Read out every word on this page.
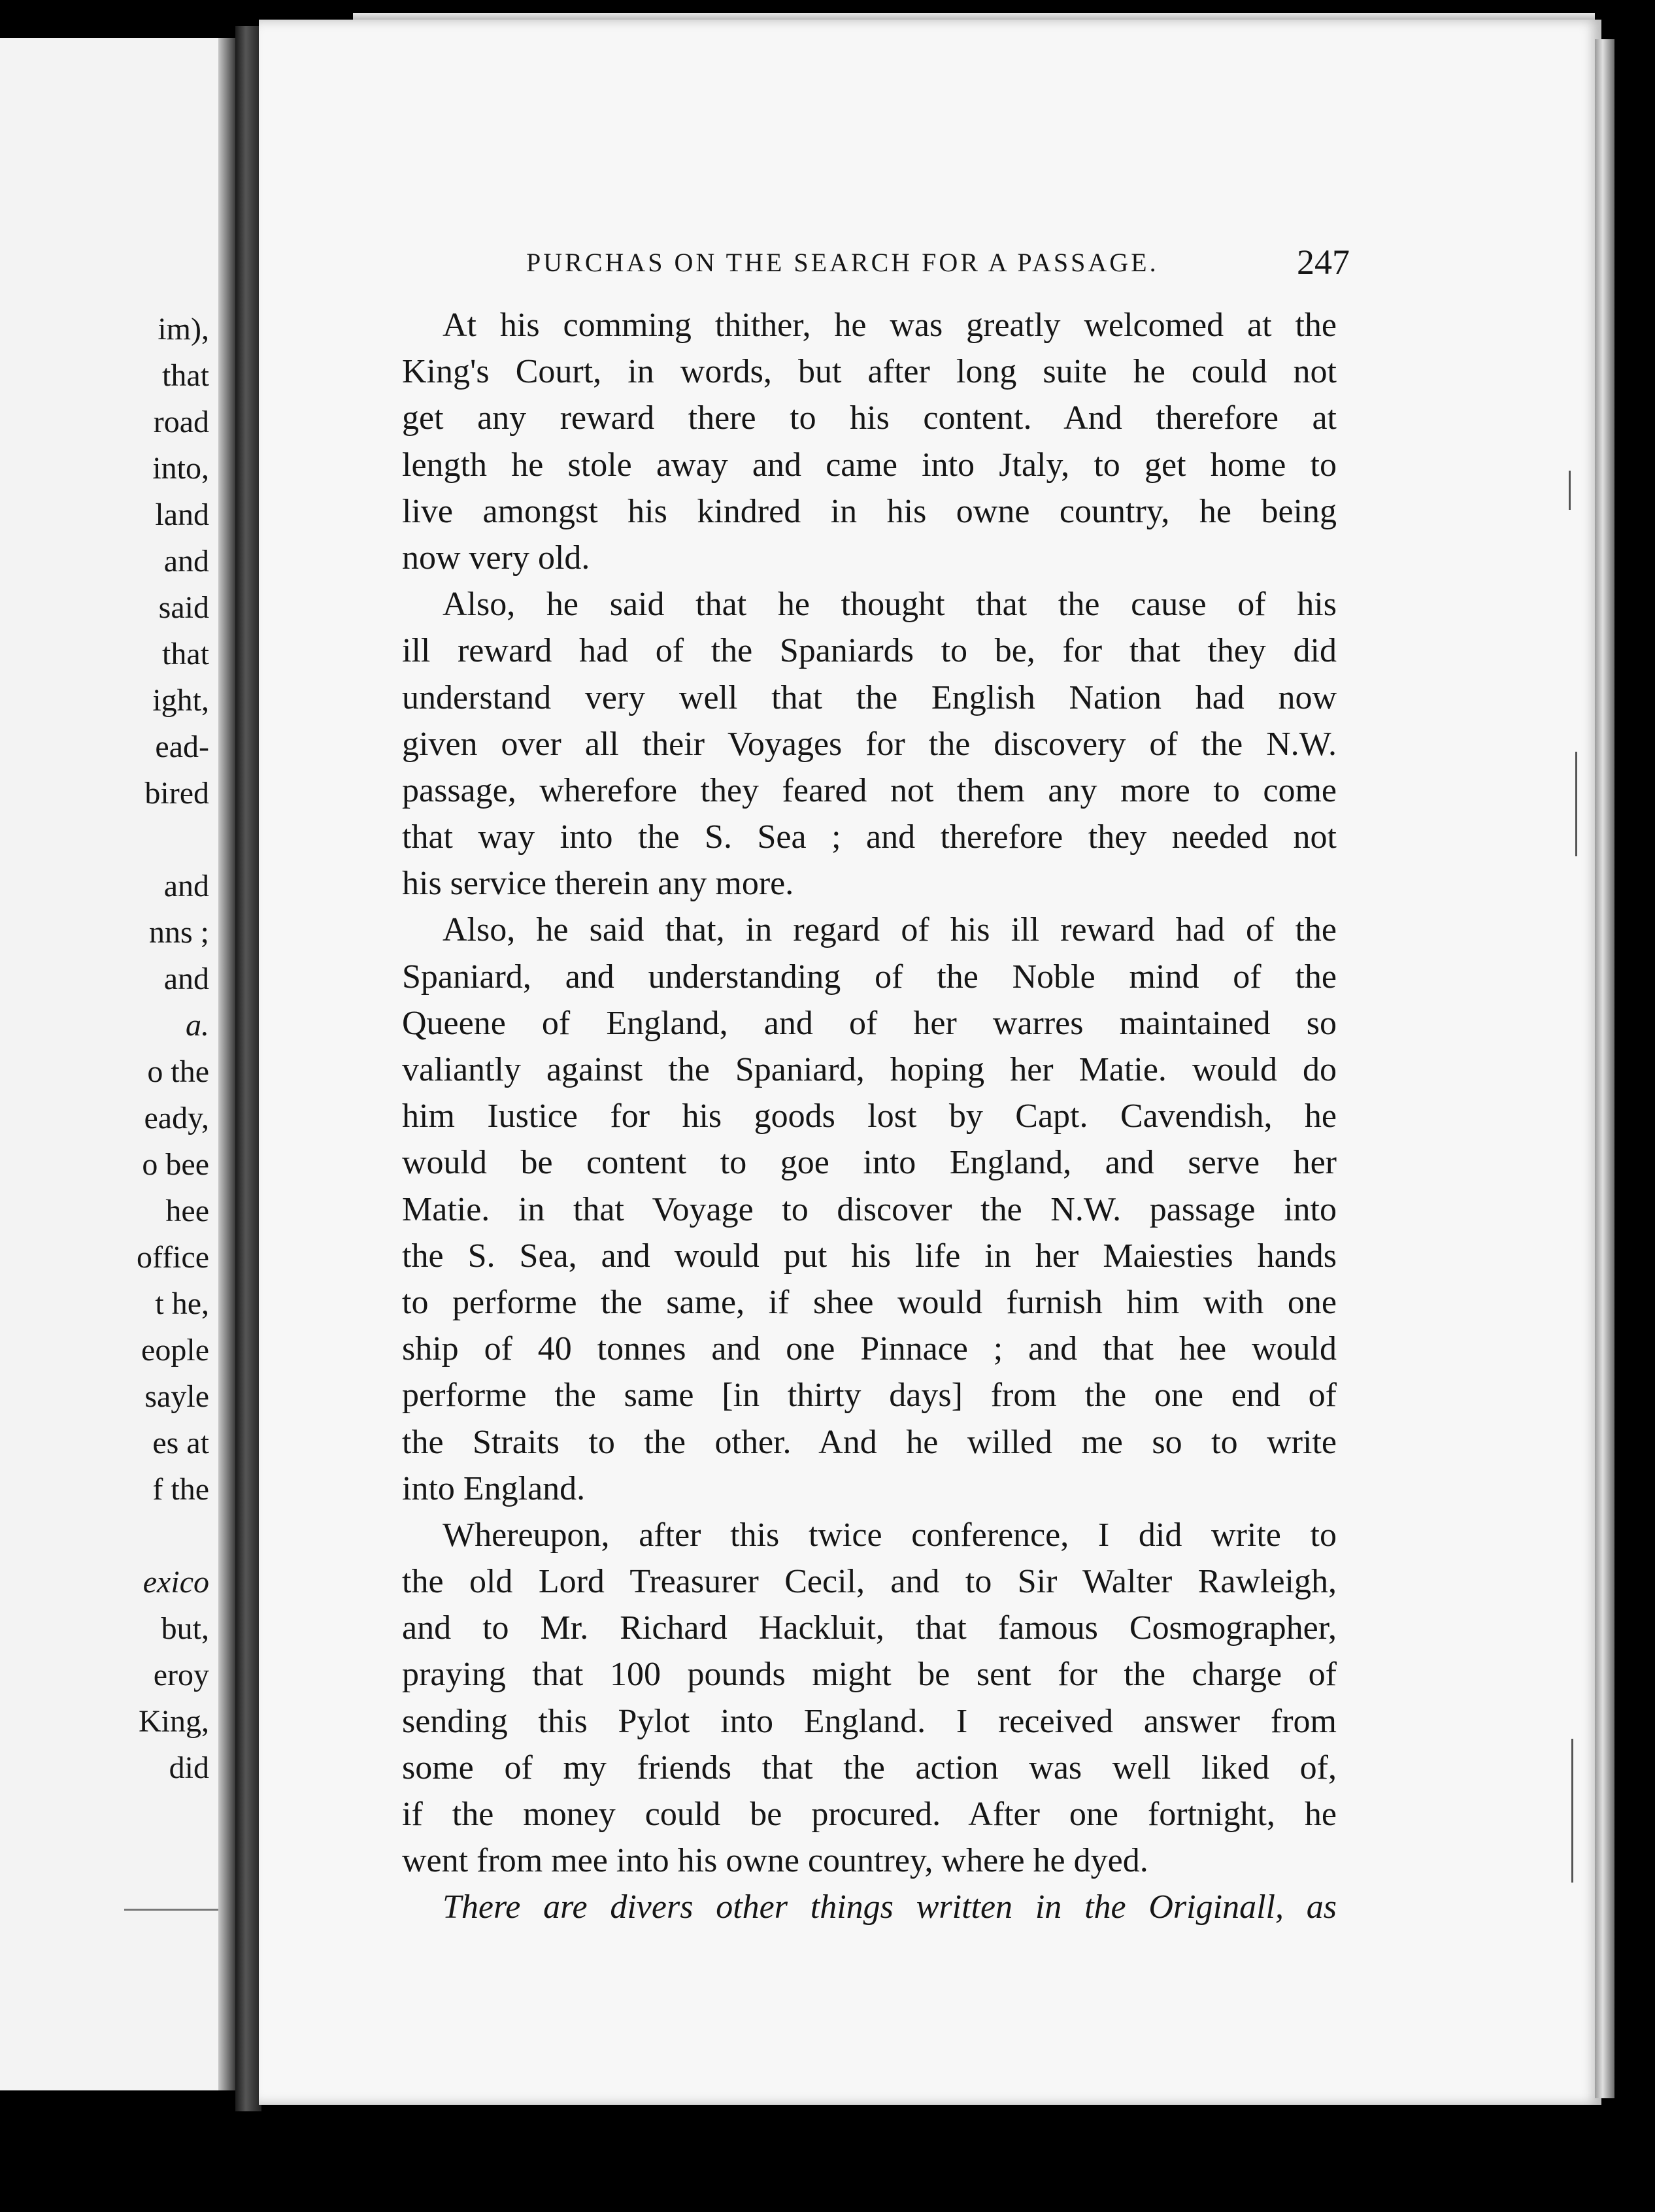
im),
that
road
into,
land
and
said
that
ight,
ead-
bired
and
nns ;
and
a.
o the
eady,
o bee
hee
office
t he,
eople
sayle
es at
f the
exico
but,
eroy
King,
did
PURCHAS ON THE SEARCH FOR A PASSAGE.	247
At his comming thither, he was greatly welcomed at the
King's Court, in words, but after long suite he could not
get any reward there to his content. And therefore at
length he stole away and came into Jtaly, to get home to
live amongst his kindred in his owne country, he being
now very old.
Also, he said that he thought that the cause of his
ill reward had of the Spaniards to be, for that they did
understand very well that the English Nation had now
given over all their Voyages for the discovery of the N.W.
passage, wherefore they feared not them any more to come
that way into the S. Sea ; and therefore they needed not
his service therein any more.
Also, he said that, in regard of his ill reward had of the
Spaniard, and understanding of the Noble mind of the
Queene of England, and of her warres maintained so
valiantly against the Spaniard, hoping her Matie. would do
him Iustice for his goods lost by Capt. Cavendish, he
would be content to goe into England, and serve her
Matie. in that Voyage to discover the N.W. passage into
the S. Sea, and would put his life in her Maiesties hands
to performe the same, if shee would furnish him with one
ship of 40 tonnes and one Pinnace ; and that hee would
performe the same [in thirty days] from the one end of
the Straits to the other. And he willed me so to write
into England.
Whereupon, after this twice conference, I did write to
the old Lord Treasurer Cecil, and to Sir Walter Rawleigh,
and to Mr. Richard Hackluit, that famous Cosmographer,
praying that 100 pounds might be sent for the charge of
sending this Pylot into England. I received answer from
some of my friends that the action was well liked of,
if the money could be procured. After one fortnight, he
went from mee into his owne countrey, where he dyed.
There are divers other things written in the Originall, as
